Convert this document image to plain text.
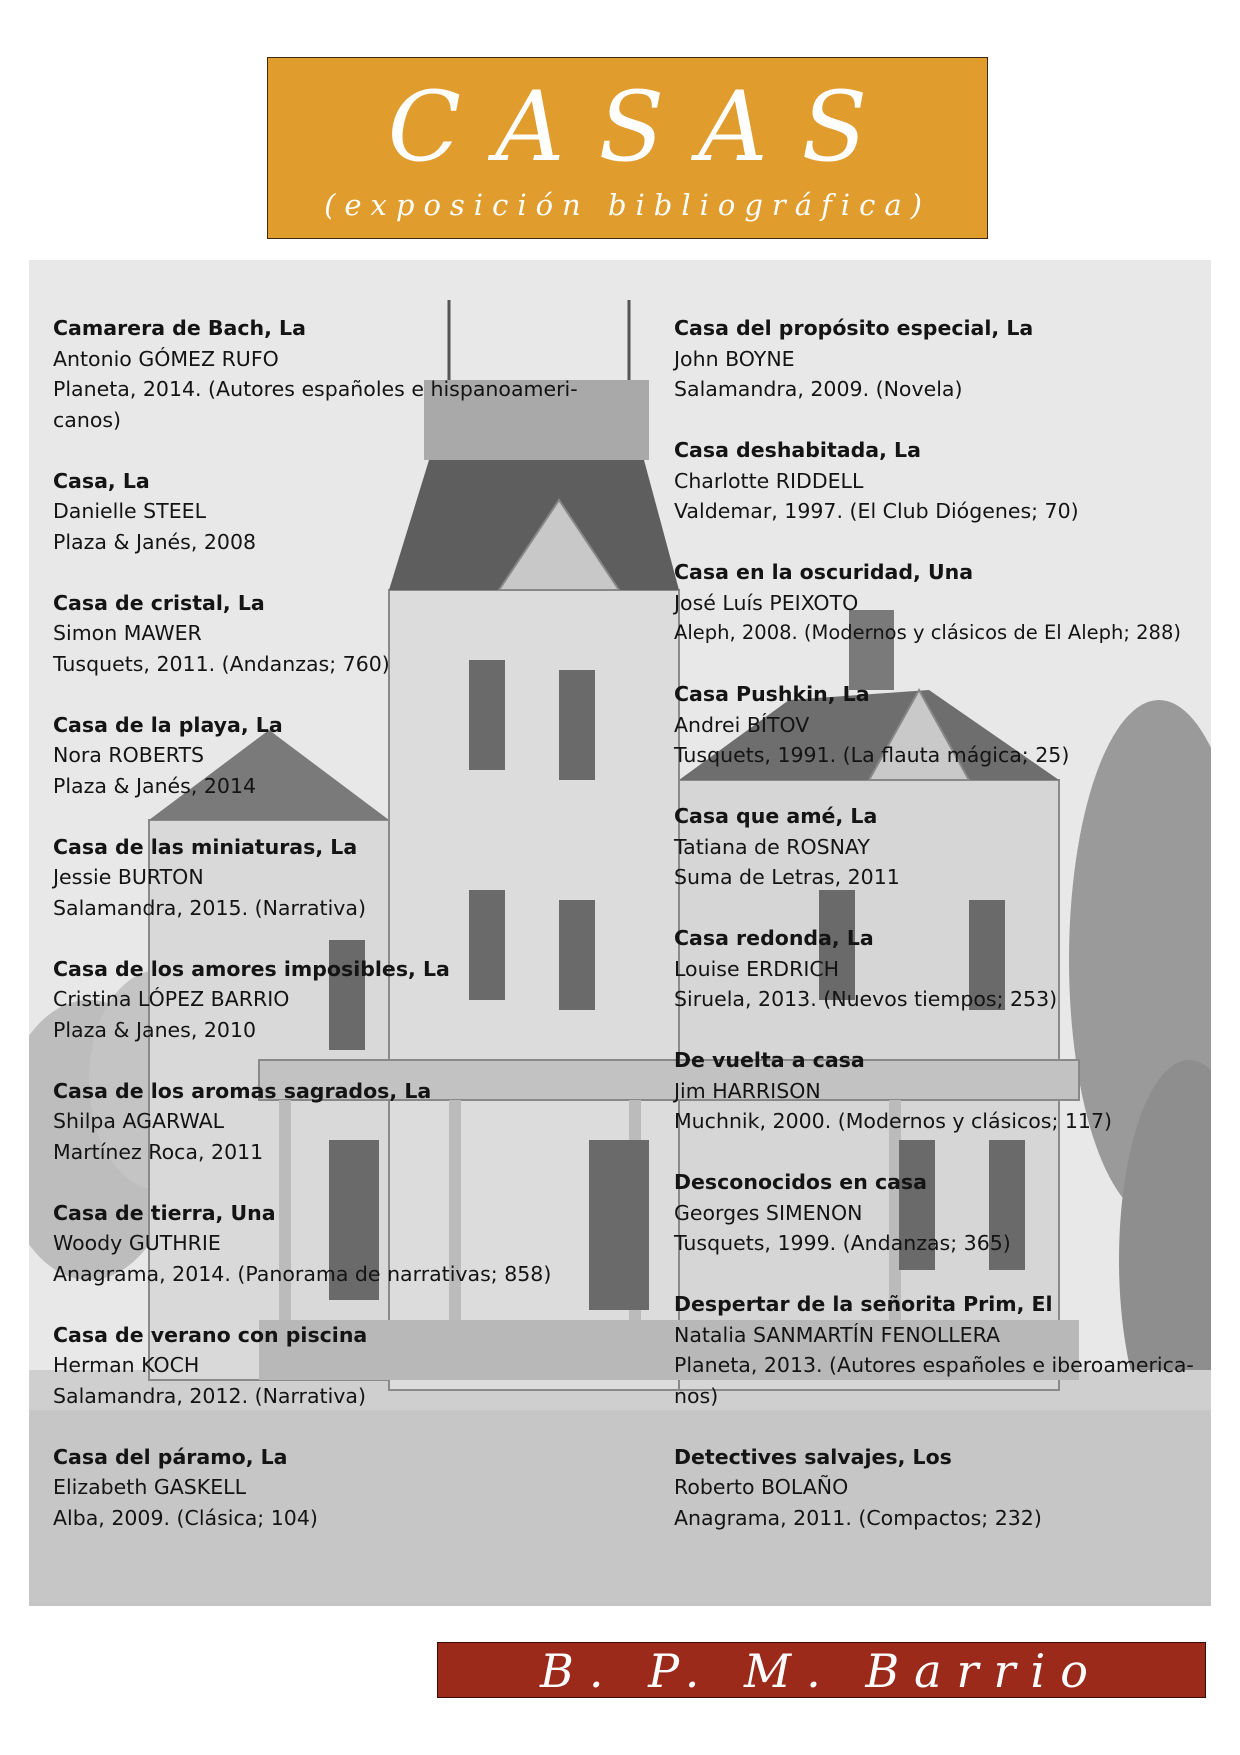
CASAS
(exposición bibliográfica)
Camarera de Bach, La
Antonio GÓMEZ RUFO
Planeta, 2014. (Autores españoles e hispanoameri-
canos)
Casa, La
Danielle STEEL
Plaza & Janés, 2008
Casa de cristal, La
Simon MAWER
Tusquets, 2011. (Andanzas; 760)
Casa de la playa, La
Nora ROBERTS
Plaza & Janés, 2014
Casa de las miniaturas, La
Jessie BURTON
Salamandra, 2015. (Narrativa)
Casa de los amores imposibles, La
Cristina LÓPEZ BARRIO
Plaza & Janes, 2010
Casa de los aromas sagrados, La
Shilpa AGARWAL
Martínez Roca, 2011
Casa de tierra, Una
Woody GUTHRIE
Anagrama, 2014. (Panorama de narrativas; 858)
Casa de verano con piscina
Herman KOCH
Salamandra, 2012. (Narrativa)
Casa del páramo, La
Elizabeth GASKELL
Alba, 2009. (Clásica; 104)
Casa del propósito especial, La
John BOYNE
Salamandra, 2009. (Novela)
Casa deshabitada, La
Charlotte RIDDELL
Valdemar, 1997. (El Club Diógenes; 70)
Casa en la oscuridad, Una
José Luís PEIXOTO
Aleph, 2008. (Modernos y clásicos de El Aleph; 288)
Casa Pushkin, La
Andrei BÍTOV
Tusquets, 1991. (La flauta mágica; 25)
Casa que amé, La
Tatiana de ROSNAY
Suma de Letras, 2011
Casa redonda, La
Louise ERDRICH
Siruela, 2013. (Nuevos tiempos; 253)
De vuelta a casa
Jim HARRISON
Muchnik, 2000. (Modernos y clásicos; 117)
Desconocidos en casa
Georges SIMENON
Tusquets, 1999. (Andanzas; 365)
Despertar de la señorita Prim, El
Natalia SANMARTÍN FENOLLERA
Planeta, 2013. (Autores españoles e iberoamerica-
nos)
Detectives salvajes, Los
Roberto BOLAÑO
Anagrama, 2011. (Compactos; 232)
B. P. M. Barrio Vidal
